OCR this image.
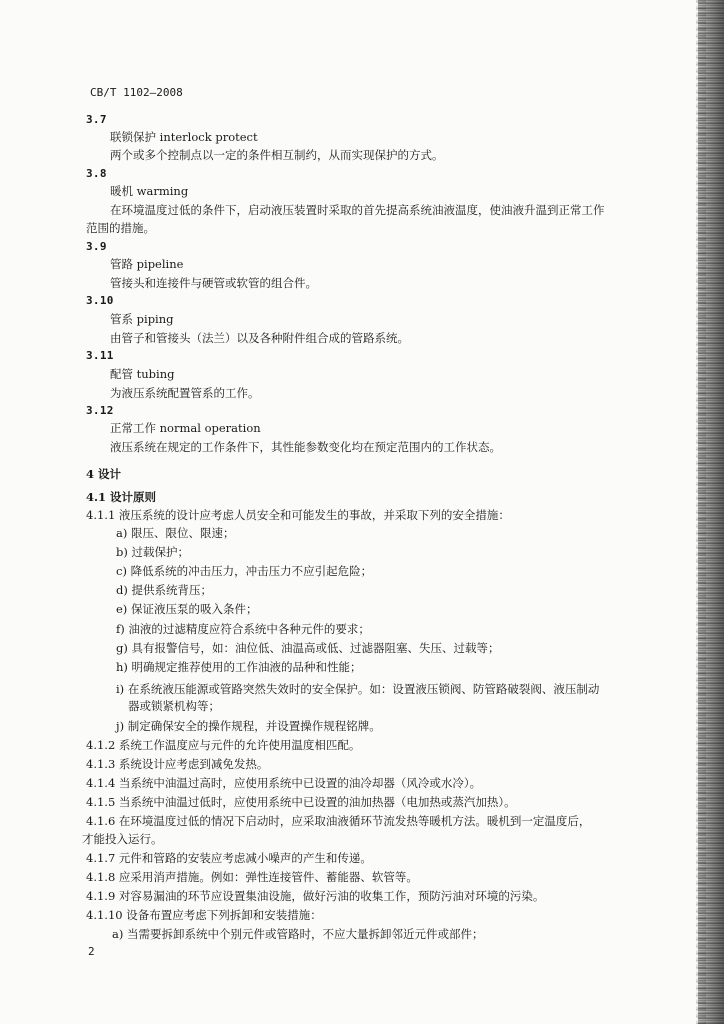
CB/T 1102—2008
3.7
联锁保护 interlock protect
两个或多个控制点以一定的条件相互制约，从而实现保护的方式。
3.8
暖机 warming
在环境温度过低的条件下，启动液压装置时采取的首先提高系统油液温度，使油液升温到正常工作
范围的措施。
3.9
管路 pipeline
管接头和连接件与硬管或软管的组合件。
3.10
管系 piping
由管子和管接头（法兰）以及各种附件组合成的管路系统。
3.11
配管 tubing
为液压系统配置管系的工作。
3.12
正常工作 normal operation
液压系统在规定的工作条件下，其性能参数变化均在预定范围内的工作状态。
4 设计
4.1 设计原则
4.1.1 液压系统的设计应考虑人员安全和可能发生的事故，并采取下列的安全措施：
a) 限压、限位、限速；
b) 过载保护；
c) 降低系统的冲击压力，冲击压力不应引起危险；
d) 提供系统背压；
e) 保证液压泵的吸入条件；
f) 油液的过滤精度应符合系统中各种元件的要求；
g) 具有报警信号，如：油位低、油温高或低、过滤器阻塞、失压、过载等；
h) 明确规定推荐使用的工作油液的品种和性能；
i) 在系统液压能源或管路突然失效时的安全保护。如：设置液压锁阀、防管路破裂阀、液压制动
器或锁紧机构等；
j) 制定确保安全的操作规程，并设置操作规程铭牌。
4.1.2 系统工作温度应与元件的允许使用温度相匹配。
4.1.3 系统设计应考虑到减免发热。
4.1.4 当系统中油温过高时，应使用系统中已设置的油冷却器（风冷或水冷）。
4.1.5 当系统中油温过低时，应使用系统中已设置的油加热器（电加热或蒸汽加热）。
4.1.6 在环境温度过低的情况下启动时，应采取油液循环节流发热等暖机方法。暖机到一定温度后，
才能投入运行。
4.1.7 元件和管路的安装应考虑减小噪声的产生和传递。
4.1.8 应采用消声措施。例如：弹性连接管件、蓄能器、软管等。
4.1.9 对容易漏油的环节应设置集油设施，做好污油的收集工作，预防污油对环境的污染。
4.1.10 设备布置应考虑下列拆卸和安装措施：
a) 当需要拆卸系统中个别元件或管路时，不应大量拆卸邻近元件或部件；
2
